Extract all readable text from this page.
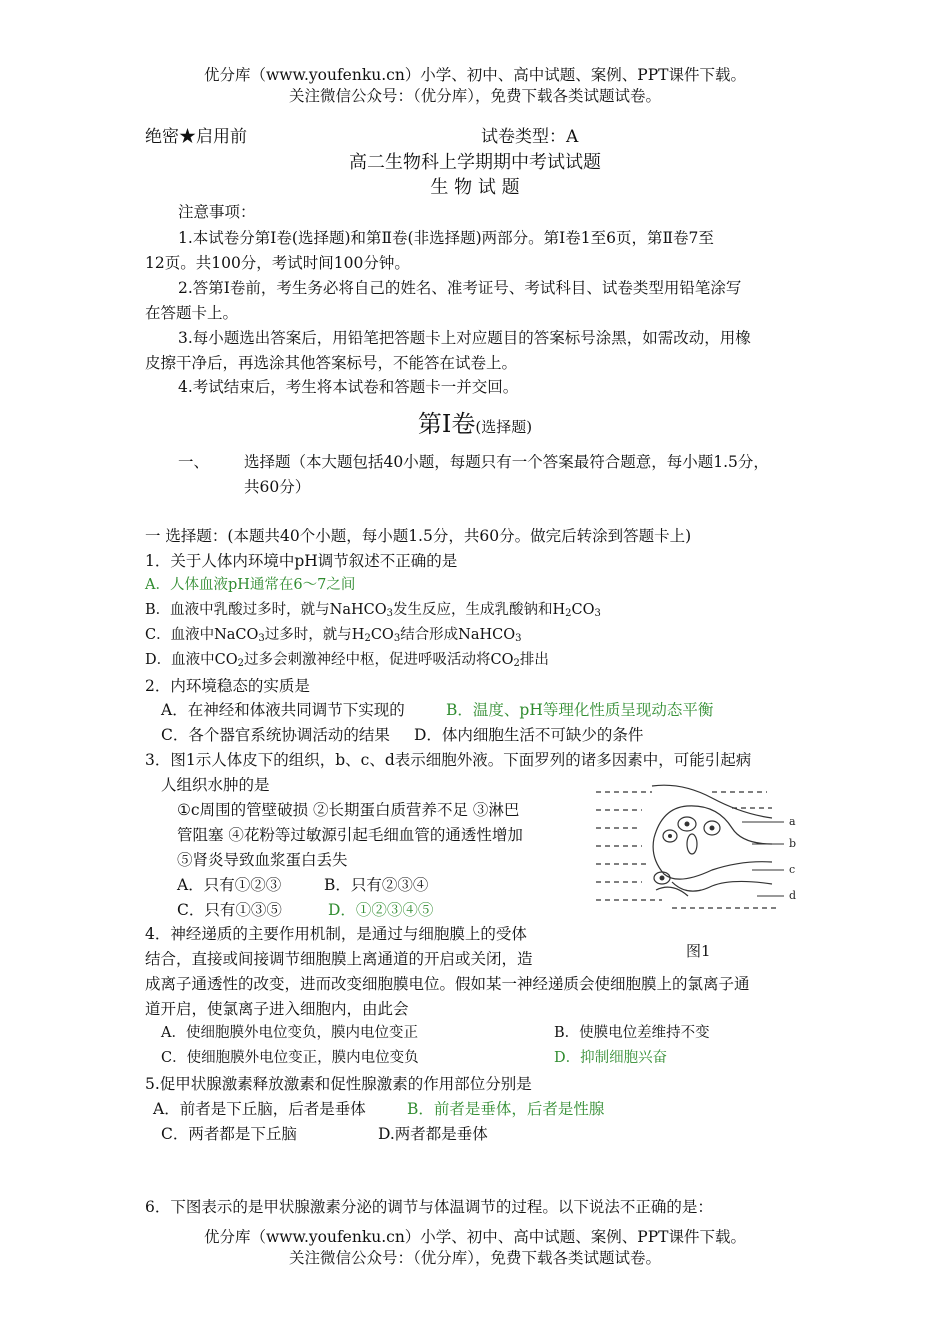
优分库（www.youfenku.cn）小学、初中、高中试题、案例、PPT课件下载。
关注微信公众号：（优分库），免费下载各类试题试卷。
绝密★启用前	试卷类型：A
高二生物科上学期期中考试试题
生 物 试 题
注意事项：
1.本试卷分第Ⅰ卷(选择题)和第Ⅱ卷(非选择题)两部分。第Ⅰ卷1至6页，第Ⅱ卷7至
12页。共100分，考试时间100分钟。
2.答第Ⅰ卷前，考生务必将自己的姓名、准考证号、考试科目、试卷类型用铅笔涂写
在答题卡上。
3.每小题选出答案后，用铅笔把答题卡上对应题目的答案标号涂黑，如需改动，用橡
皮擦干净后，再选涂其他答案标号，不能答在试卷上。
4.考试结束后，考生将本试卷和答题卡一并交回。
第Ⅰ卷(选择题)
一、 选择题（本大题包括40小题，每题只有一个答案最符合题意，每小题1.5分，
共60分）
一 选择题：(本题共40个小题，每小题1.5分，共60分。做完后转涂到答题卡上)
1．关于人体内环境中pH调节叙述不正确的是
A．人体血液pH通常在6～7之间
B．血液中乳酸过多时，就与NaHCO$_3$发生反应，生成乳酸钠和$H_2CO_3$
C．血液中NaCO$_3$过多时，就与$H_2CO_3$结合形成NaHCO$_3$
D．血液中$CO_2$过多会刺激神经中枢，促进呼吸活动将$CO_2$排出
2．内环境稳态的实质是
A．在神经和体液共同调节下实现的	B．温度、pH等理化性质呈现动态平衡
C．各个器官系统协调活动的结果 D．体内细胞生活不可缺少的条件
3．图1示人体皮下的组织，b、c、d表示细胞外液。下面罗列的诸多因素中，可能引起病
人组织水肿的是
①c周围的管壁破损 ②长期蛋白质营养不足 ③淋巴
管阻塞 ④花粉等过敏源引起毛细血管的通透性增加
⑤肾炎导致血浆蛋白丢失
A．只有①②③	B．只有②③④
C．只有①③⑤	D．①②③④⑤
a
b
c
d
图1
4．神经递质的主要作用机制，是通过与细胞膜上的受体
结合，直接或间接调节细胞膜上离通道的开启或关闭，造
成离子通透性的改变，进而改变细胞膜电位。假如某一神经递质会使细胞膜上的氯离子通
道开启，使氯离子进入细胞内，由此会
A．使细胞膜外电位变负，膜内电位变正	B．使膜电位差维持不变
C．使细胞膜外电位变正，膜内电位变负	D．抑制细胞兴奋
5.促甲状腺激素释放激素和促性腺激素的作用部位分别是
A．前者是下丘脑，后者是垂体	B．前者是垂体，后者是性腺
C．两者都是下丘脑	D.两者都是垂体
6．下图表示的是甲状腺激素分泌的调节与体温调节的过程。以下说法不正确的是：
优分库（www.youfenku.cn）小学、初中、高中试题、案例、PPT课件下载。
关注微信公众号：（优分库），免费下载各类试题试卷。
